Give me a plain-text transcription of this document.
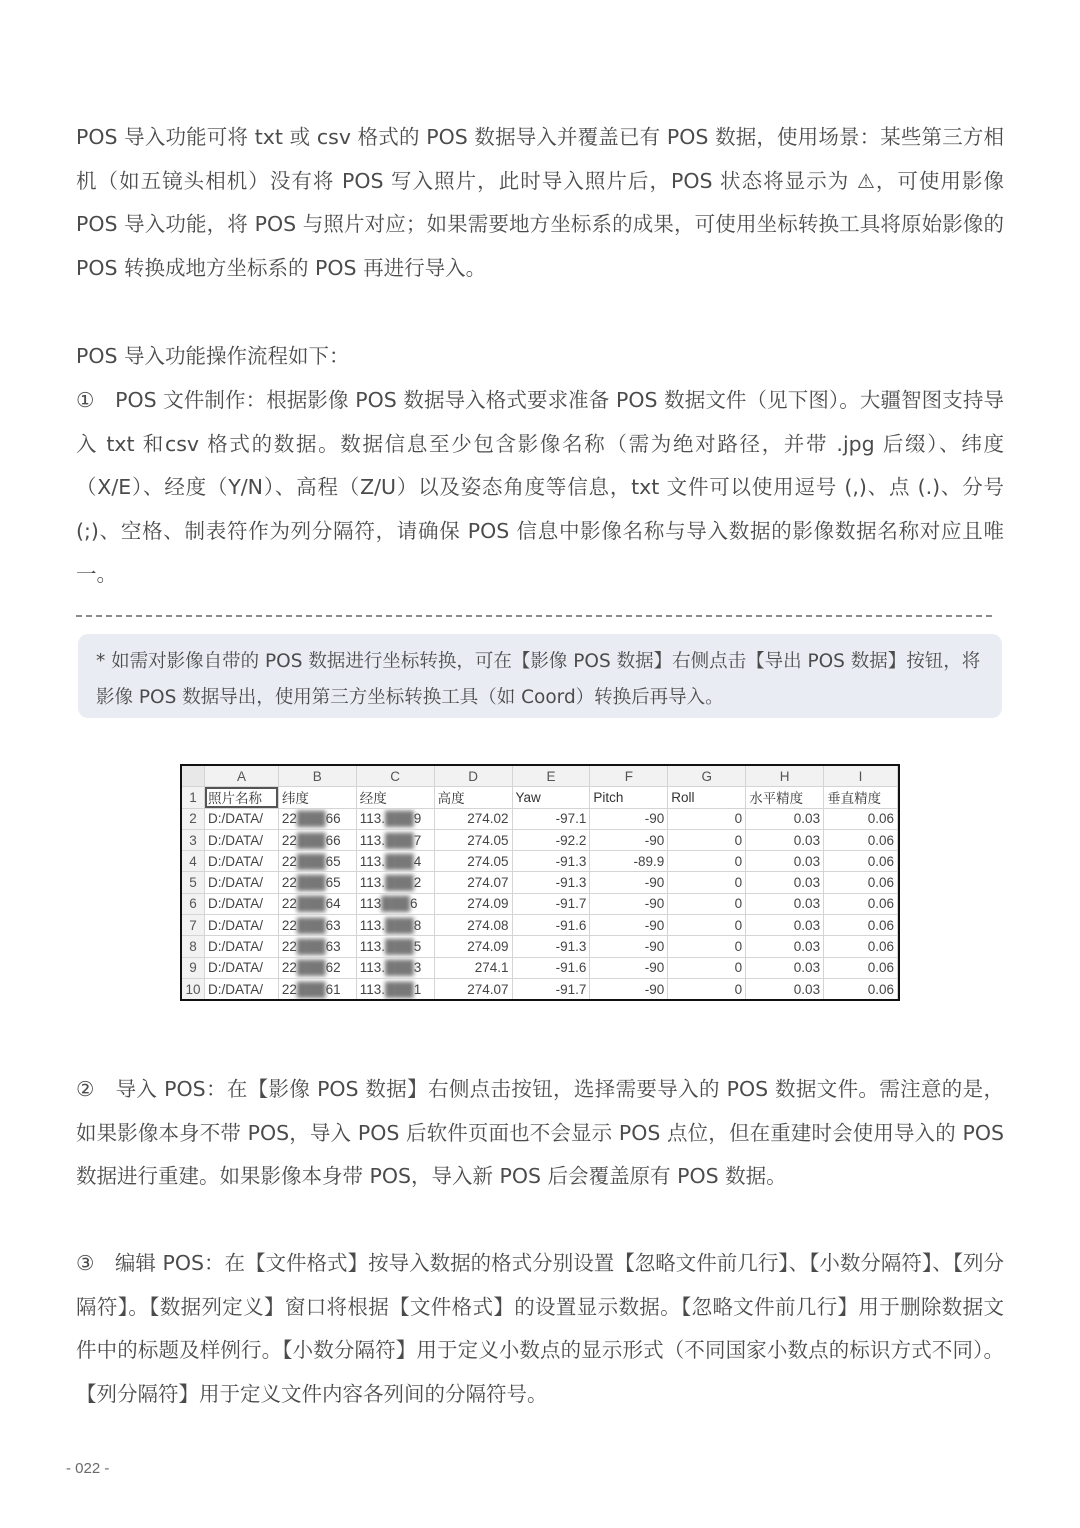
POS 导入功能可将 txt 或 csv 格式的 POS 数据导入并覆盖已有 POS 数据，使用场景：某些第三方相机（如五镜头相机）没有将 POS 写入照片，此时导入照片后，POS 状态将显示为 ⚠，可使用影像 POS 导入功能，将 POS 与照片对应；如果需要地方坐标系的成果，可使用坐标转换工具将原始影像的 POS 转换成地方坐标系的 POS 再进行导入。

POS 导入功能操作流程如下：

①　POS 文件制作：根据影像 POS 数据导入格式要求准备 POS 数据文件（见下图）。大疆智图支持导入 txt 和csv 格式的数据。数据信息至少包含影像名称（需为绝对路径，并带 .jpg 后缀）、纬度（X/E）、经度（Y/N）、高程（Z/U）以及姿态角度等信息，txt 文件可以使用逗号 (,)、点 (.)、分号 (;)、空格、制表符作为列分隔符，请确保 POS 信息中影像名称与导入数据的影像数据名称对应且唯一。

* 如需对影像自带的 POS 数据进行坐标转换，可在【影像 POS 数据】右侧点击【导出 POS 数据】按钮，将影像 POS 数据导出，使用第三方坐标转换工具（如 Coord）转换后再导入。
	A	B	C	D	E	F	G	H	I
1	照片名称	纬度	经度	高度	Yaw	Pitch	Roll	水平精度	垂直精度
2	D:/DATA/	22███66	113.███9	274.02	-97.1	-90	0	0.03	0.06
3	D:/DATA/	22███66	113.███7	274.05	-92.2	-90	0	0.03	0.06
4	D:/DATA/	22███65	113.███4	274.05	-91.3	-89.9	0	0.03	0.06
5	D:/DATA/	22███65	113.███2	274.07	-91.3	-90	0	0.03	0.06
6	D:/DATA/	22███64	113███6	274.09	-91.7	-90	0	0.03	0.06
7	D:/DATA/	22███63	113.███8	274.08	-91.6	-90	0	0.03	0.06
8	D:/DATA/	22███63	113.███5	274.09	-91.3	-90	0	0.03	0.06
9	D:/DATA/	22███62	113.███3	274.1	-91.6	-90	0	0.03	0.06
10	D:/DATA/	22███61	113.███1	274.07	-91.7	-90	0	0.03	0.06

②　导入 POS：在【影像 POS 数据】右侧点击按钮，选择需要导入的 POS 数据文件。需注意的是，如果影像本身不带 POS，导入 POS 后软件页面也不会显示 POS 点位，但在重建时会使用导入的 POS 数据进行重建。如果影像本身带 POS，导入新 POS 后会覆盖原有 POS 数据。

③　编辑 POS：在【文件格式】按导入数据的格式分别设置【忽略文件前几行】、【小数分隔符】、【列分隔符】。【数据列定义】窗口将根据【文件格式】的设置显示数据。【忽略文件前几行】用于删除数据文件中的标题及样例行。【小数分隔符】用于定义小数点的显示形式（不同国家小数点的标识方式不同）。【列分隔符】用于定义文件内容各列间的分隔符号。

- 022 -
